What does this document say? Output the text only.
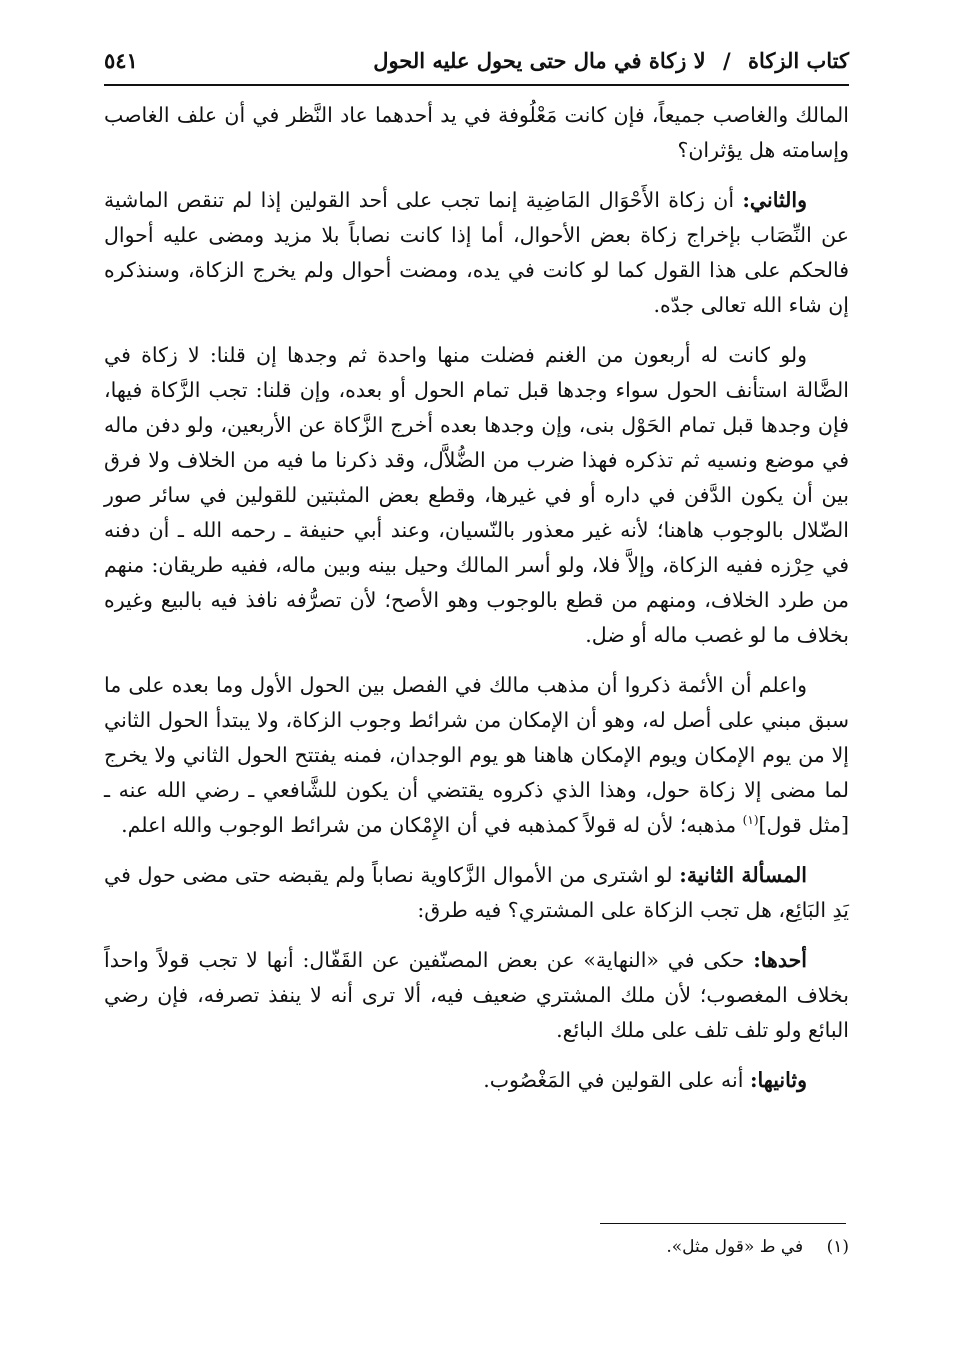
كتاب الزكاة / لا زكاة في مال حتى يحول عليه الحول
٥٤١

المالك والغاصب جميعاً، فإن كانت مَعْلُوفة في يد أحدهما عاد النَّظر في أن علف الغاصب وإسامته هل يؤثران؟

والثاني: أن زكاة الأَحْوَال المَاضِية إنما تجب على أحد القولين إذا لم تنقص الماشية عن النِّصَاب بإخراج زكاة بعض الأحوال، أما إذا كانت نصاباً بلا مزيد ومضى عليه أحوال فالحكم على هذا القول كما لو كانت في يده، ومضت أحوال ولم يخرج الزكاة، وسنذكره إن شاء الله تعالى جدّه.

ولو كانت له أربعون من الغنم فضلت منها واحدة ثم وجدها إن قلنا: لا زكاة في الضَّالة استأنف الحول سواء وجدها قبل تمام الحول أو بعده، وإن قلنا: تجب الزَّكاة فيها، فإن وجدها قبل تمام الحَوْل بنى، وإن وجدها بعده أخرج الزَّكاة عن الأربعين، ولو دفن ماله في موضع ونسيه ثم تذكره فهذا ضرب من الضُّلاَّل، وقد ذكرنا ما فيه من الخلاف ولا فرق بين أن يكون الدَّفن في داره أو في غيرها، وقطع بعض المثبتين للقولين في سائر صور الضّلال بالوجوب هاهنا؛ لأنه غير معذور بالنّسيان، وعند أبي حنيفة ـ رحمه الله ـ أن دفنه في حِرْزه ففيه الزكاة، وإلاَّ فلا، ولو أسر المالك وحيل بينه وبين ماله، ففيه طريقان: منهم من طرد الخلاف، ومنهم من قطع بالوجوب وهو الأصح؛ لأن تصرُّفه نافذ فيه بالبيع وغيره بخلاف ما لو غصب ماله أو ضل.

واعلم أن الأئمة ذكروا أن مذهب مالك في الفصل بين الحول الأول وما بعده على ما سبق مبني على أصل له، وهو أن الإمكان من شرائط وجوب الزكاة، ولا يبتدأ الحول الثاني إلا من يوم الإمكان ويوم الإمكان هاهنا هو يوم الوجدان، فمنه يفتتح الحول الثاني ولا يخرج لما مضى إلا زكاة حول، وهذا الذي ذكروه يقتضي أن يكون للشَّافعي ـ رضي الله عنه ـ [مثل قول]$^{(١)}$ مذهبه؛ لأن له قولاً كمذهبه في أن الإِمْكان من شرائط الوجوب والله اعلم.

المسألة الثانية: لو اشترى من الأموال الزَّكاوية نصاباً ولم يقبضه حتى مضى حول في يَدِ البَائِع، هل تجب الزكاة على المشتري؟ فيه طرق:

أحدها: حكى في «النهاية» عن بعض المصنّفين عن القَفّال: أنها لا تجب قولاً واحداً بخلاف المغصوب؛ لأن ملك المشتري ضعيف فيه، ألا ترى أنه لا ينفذ تصرفه، فإن رضي البائع ولو تلف تلف على ملك البائع.

وثانيها: أنه على القولين في المَغْصُوب.

(١) في ط «قول مثل».
